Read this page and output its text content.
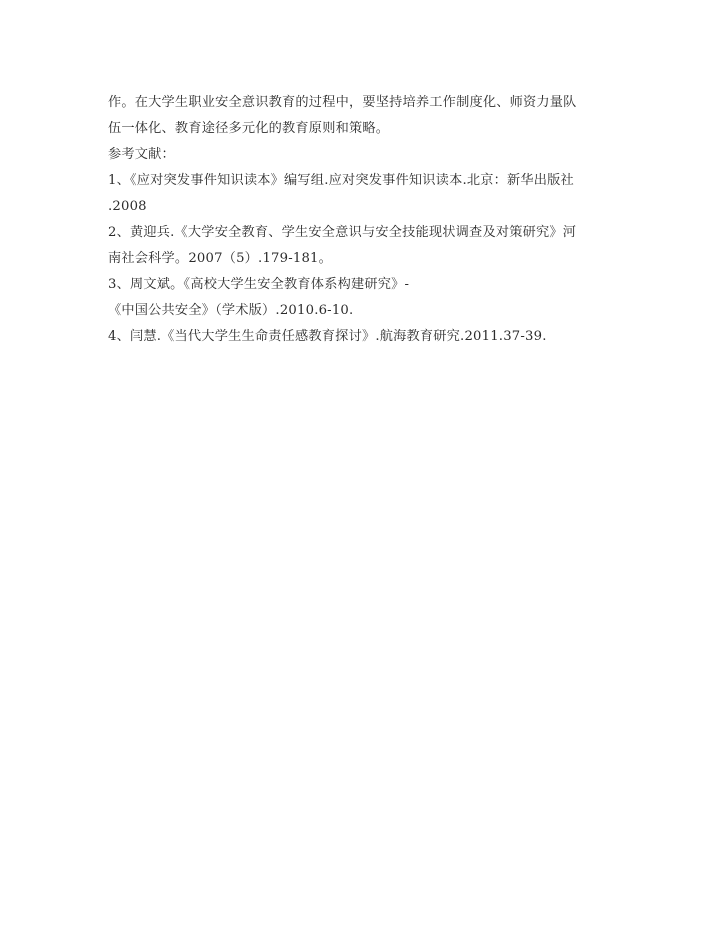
作。在大学生职业安全意识教育的过程中，要坚持培养工作制度化、师资力量队
伍一体化、教育途径多元化的教育原则和策略。
参考文献：
1、《应对突发事件知识读本》编写组.应对突发事件知识读本.北京：新华出版社
.2008
2、黄迎兵.《大学安全教育、学生安全意识与安全技能现状调查及对策研究》河
南社会科学。2007（5）.179-181。
3、周文斌。《高校大学生安全教育体系构建研究》-
《中国公共安全》（学术版）.2010.6-10.
4、闫慧.《当代大学生生命责任感教育探讨》.航海教育研究.2011.37-39.
